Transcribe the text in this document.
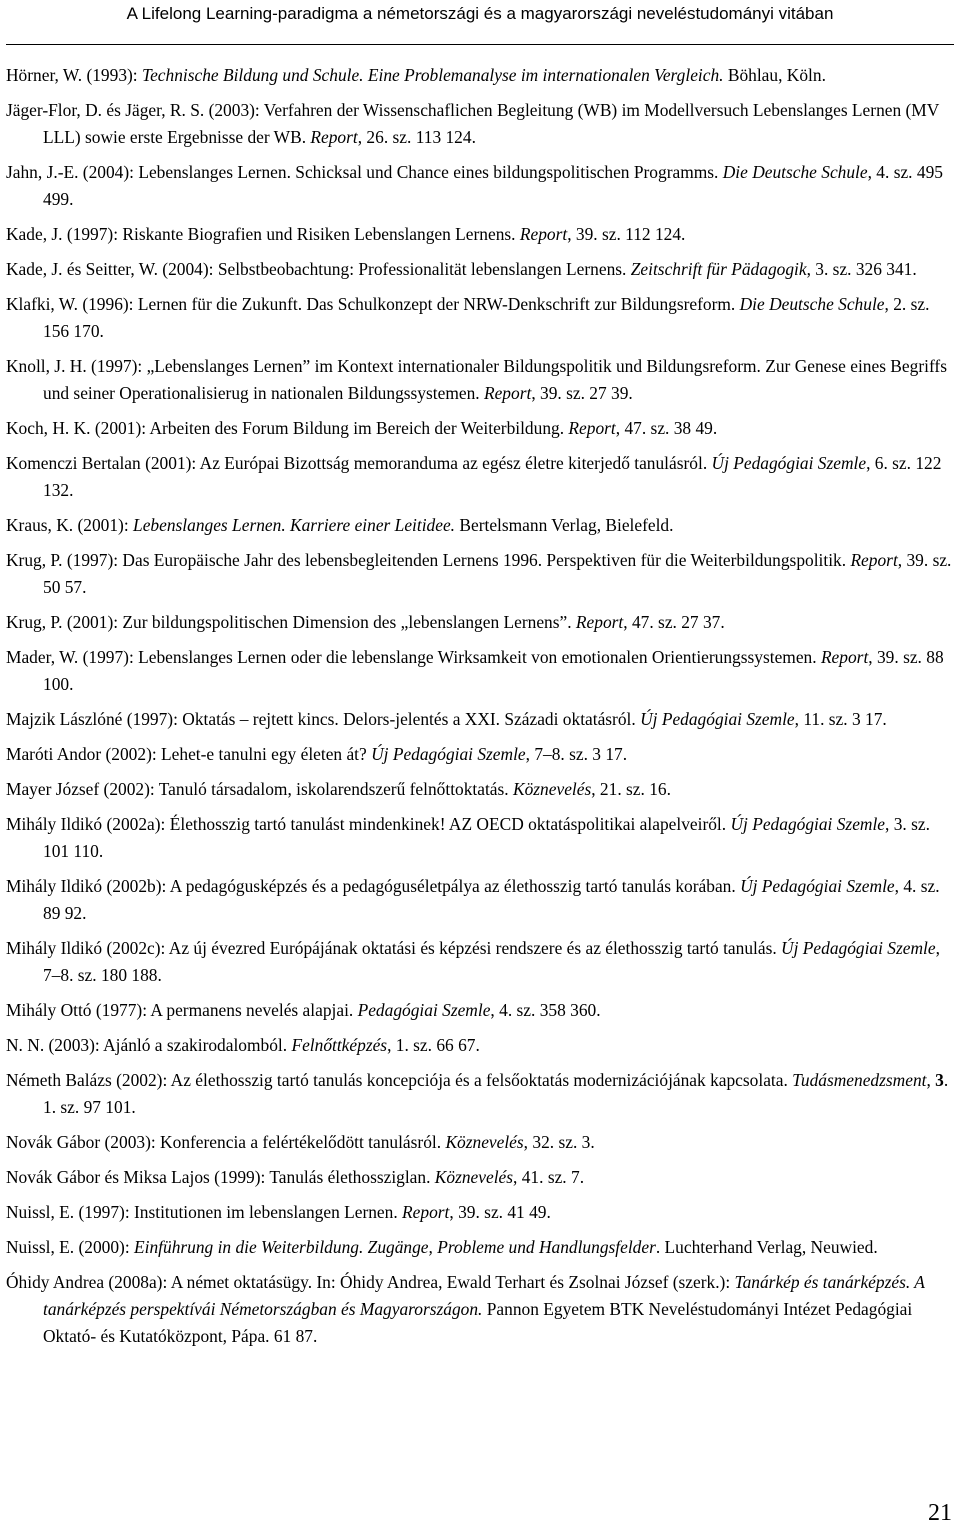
A Lifelong Learning-paradigma a németországi és a magyarországi neveléstudományi vitában

Hörner, W. (1993): Technische Bildung und Schule. Eine Problemanalyse im internationalen Vergleich. Böhlau, Köln.

Jäger-Flor, D. és Jäger, R. S. (2003): Verfahren der Wissenschaflichen Begleitung (WB) im Modellversuch Lebenslanges Lernen (MV LLL) sowie erste Ergebnisse der WB. Report, 26. sz. 113 124.

Jahn, J.-E. (2004): Lebenslanges Lernen. Schicksal und Chance eines bildungspolitischen Programms. Die Deutsche Schule, 4. sz. 495 499.

Kade, J. (1997): Riskante Biografien und Risiken Lebenslangen Lernens. Report, 39. sz. 112 124.

Kade, J. és Seitter, W. (2004): Selbstbeobachtung: Professionalität lebenslangen Lernens. Zeitschrift für Pädagogik, 3. sz. 326 341.

Klafki, W. (1996): Lernen für die Zukunft. Das Schulkonzept der NRW-Denkschrift zur Bildungsreform. Die Deutsche Schule, 2. sz. 156 170.

Knoll, J. H. (1997): „Lebenslanges Lernen” im Kontext internationaler Bildungspolitik und Bildungsreform. Zur Genese eines Begriffs und seiner Operationalisierug in nationalen Bildungssystemen. Report, 39. sz. 27 39.

Koch, H. K. (2001): Arbeiten des Forum Bildung im Bereich der Weiterbildung. Report, 47. sz. 38 49.

Komenczi Bertalan (2001): Az Európai Bizottság memoranduma az egész életre kiterjedő tanulásról. Új Pedagógiai Szemle, 6. sz. 122 132.

Kraus, K. (2001): Lebenslanges Lernen. Karriere einer Leitidee. Bertelsmann Verlag, Bielefeld.

Krug, P. (1997): Das Europäische Jahr des lebensbegleitenden Lernens 1996. Perspektiven für die Weiterbildungspolitik. Report, 39. sz. 50 57.

Krug, P. (2001): Zur bildungspolitischen Dimension des „lebenslangen Lernens”. Report, 47. sz. 27 37.

Mader, W. (1997): Lebenslanges Lernen oder die lebenslange Wirksamkeit von emotionalen Orientierungssystemen. Report, 39. sz. 88 100.

Majzik Lászlóné (1997): Oktatás – rejtett kincs. Delors-jelentés a XXI. Századi oktatásról. Új Pedagógiai Szemle, 11. sz. 3 17.

Maróti Andor (2002): Lehet-e tanulni egy életen át? Új Pedagógiai Szemle, 7–8. sz. 3 17.

Mayer József (2002): Tanuló társadalom, iskolarendszerű felnőttoktatás. Köznevelés, 21. sz. 16.

Mihály Ildikó (2002a): Élethosszig tartó tanulást mindenkinek! AZ OECD oktatáspolitikai alapelveiről. Új Pedagógiai Szemle, 3. sz. 101 110.

Mihály Ildikó (2002b): A pedagógusképzés és a pedagóguséletpálya az élethosszig tartó tanulás korában. Új Pedagógiai Szemle, 4. sz. 89 92.

Mihály Ildikó (2002c): Az új évezred Európájának oktatási és képzési rendszere és az élethosszig tartó tanulás. Új Pedagógiai Szemle, 7–8. sz. 180 188.

Mihály Ottó (1977): A permanens nevelés alapjai. Pedagógiai Szemle, 4. sz. 358 360.

N. N. (2003): Ajánló a szakirodalomból. Felnőttképzés, 1. sz. 66 67.

Németh Balázs (2002): Az élethosszig tartó tanulás koncepciója és a felsőoktatás modernizációjának kapcsolata. Tudásmenedzsment, 3. 1. sz. 97 101.

Novák Gábor (2003): Konferencia a felértékelődött tanulásról. Köznevelés, 32. sz. 3.

Novák Gábor és Miksa Lajos (1999): Tanulás élethossziglan. Köznevelés, 41. sz. 7.

Nuissl, E. (1997): Institutionen im lebenslangen Lernen. Report, 39. sz. 41 49.

Nuissl, E. (2000): Einführung in die Weiterbildung. Zugänge, Probleme und Handlungsfelder. Luchterhand Verlag, Neuwied.

Óhidy Andrea (2008a): A német oktatásügy. In: Óhidy Andrea, Ewald Terhart és Zsolnai József (szerk.): Tanárkép és tanárképzés. A tanárképzés perspektívái Németországban és Magyarországon. Pannon Egyetem BTK Neveléstudományi Intézet Pedagógiai Oktató- és Kutatóközpont, Pápa. 61 87.

21
